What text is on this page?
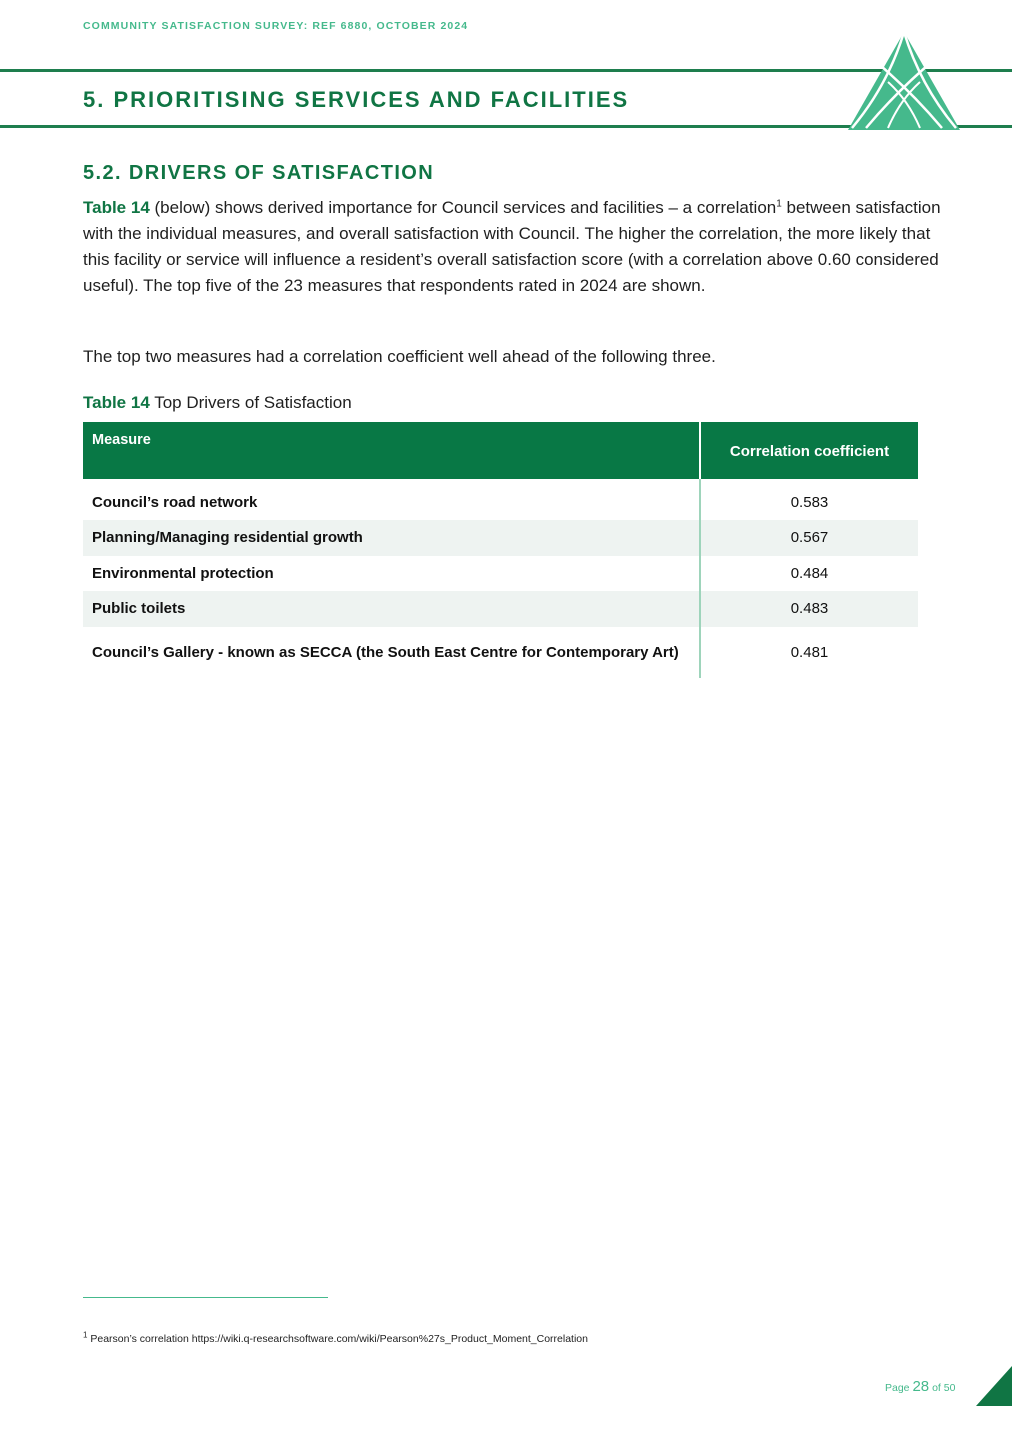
COMMUNITY SATISFACTION SURVEY: REF 6880, OCTOBER 2024
5. PRIORITISING SERVICES AND FACILITIES
5.2. DRIVERS OF SATISFACTION

Table 14 (below) shows derived importance for Council services and facilities – a correlation$^1$ between satisfaction with the individual measures, and overall satisfaction with Council. The higher the correlation, the more likely that this facility or service will influence a resident’s overall satisfaction score (with a correlation above 0.60 considered useful). The top five of the 23 measures that respondents rated in 2024 are shown.

The top two measures had a correlation coefficient well ahead of the following three.

Table 14 Top Drivers of Satisfaction
Measure	Correlation coefficient
Council’s road network	0.583
Planning/Managing residential growth	0.567
Environmental protection	0.484
Public toilets	0.483
Council’s Gallery - known as SECCA (the South East Centre for Contemporary Art)	0.481
$^1$ Pearson’s correlation https://wiki.q-researchsoftware.com/wiki/Pearson%27s_Product_Moment_Correlation
Page 28 of 50
